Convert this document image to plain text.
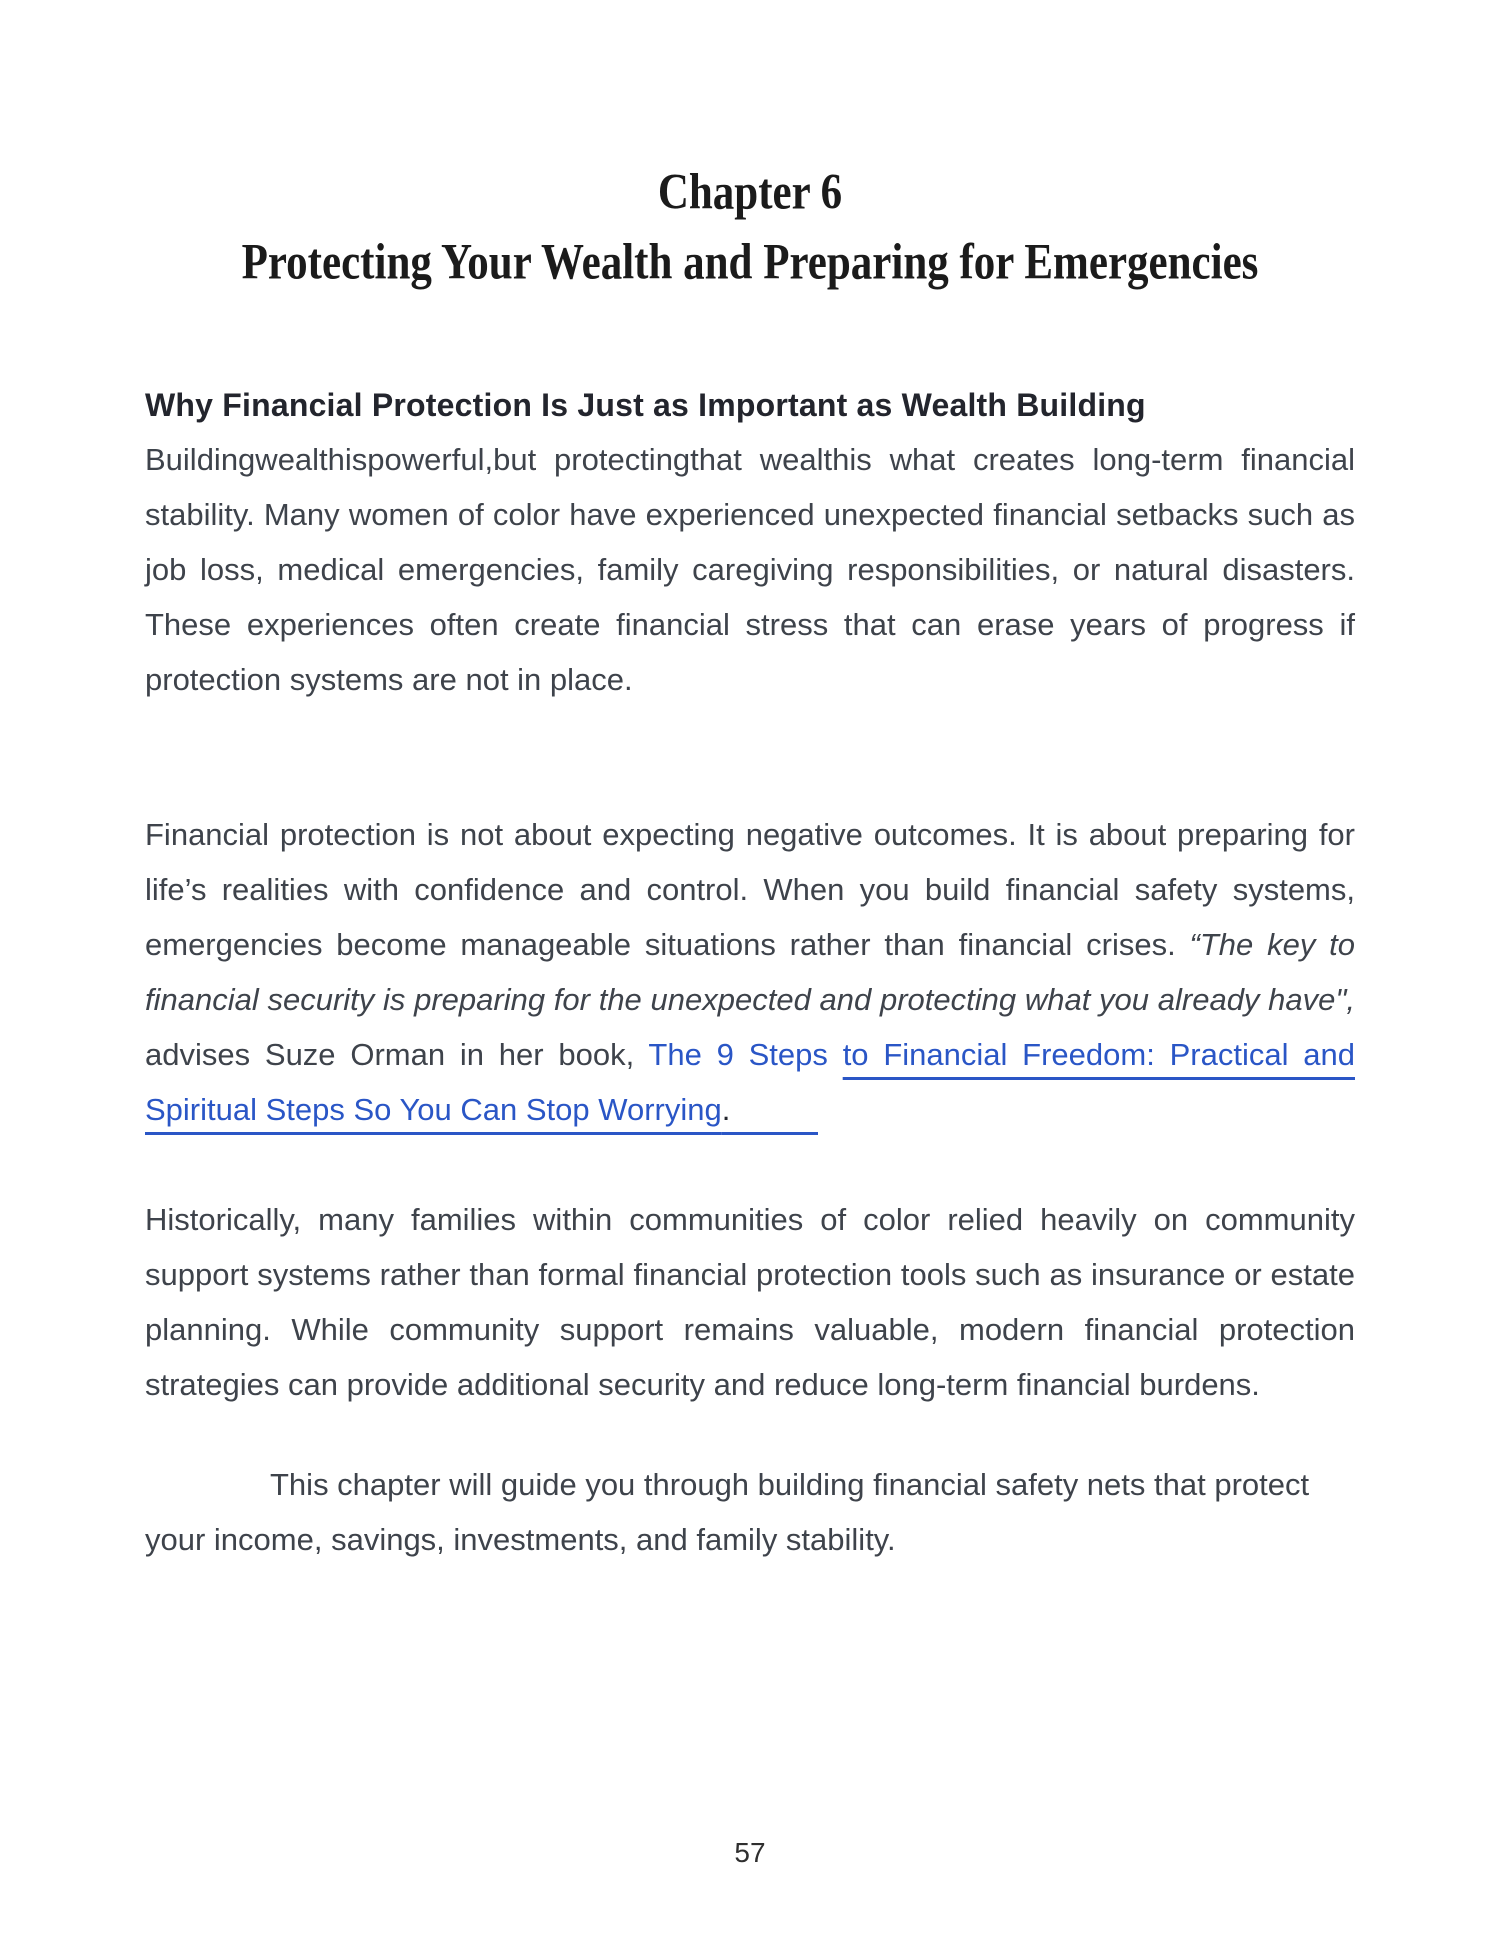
Chapter 6
Protecting Your Wealth and Preparing for Emergencies
Why Financial Protection Is Just as Important as Wealth Building

Buildingwealthispowerful,but protectingthat wealthis what creates long-term financial stability. Many women of color have experienced unexpected financial setbacks such as job loss, medical emergencies, family caregiving responsibilities, or natural disasters. These experiences often create financial stress that can erase years of progress if protection systems are not in place.

Financial protection is not about expecting negative outcomes. It is about preparing for life’s realities with confidence and control. When you build financial safety systems, emergencies become manageable situations rather than financial crises. “The key to financial security is preparing for the unexpected and protecting what you already have", advises Suze Orman in her book, The 9 Steps to Financial Freedom: Practical and Spiritual Steps So You Can Stop Worrying.

Historically, many families within communities of color relied heavily on community support systems rather than formal financial protection tools such as insurance or estate planning. While community support remains valuable, modern financial protection strategies can provide additional security and reduce long-term financial burdens.

This chapter will guide you through building financial safety nets that protect your income, savings, investments, and family stability.

57
